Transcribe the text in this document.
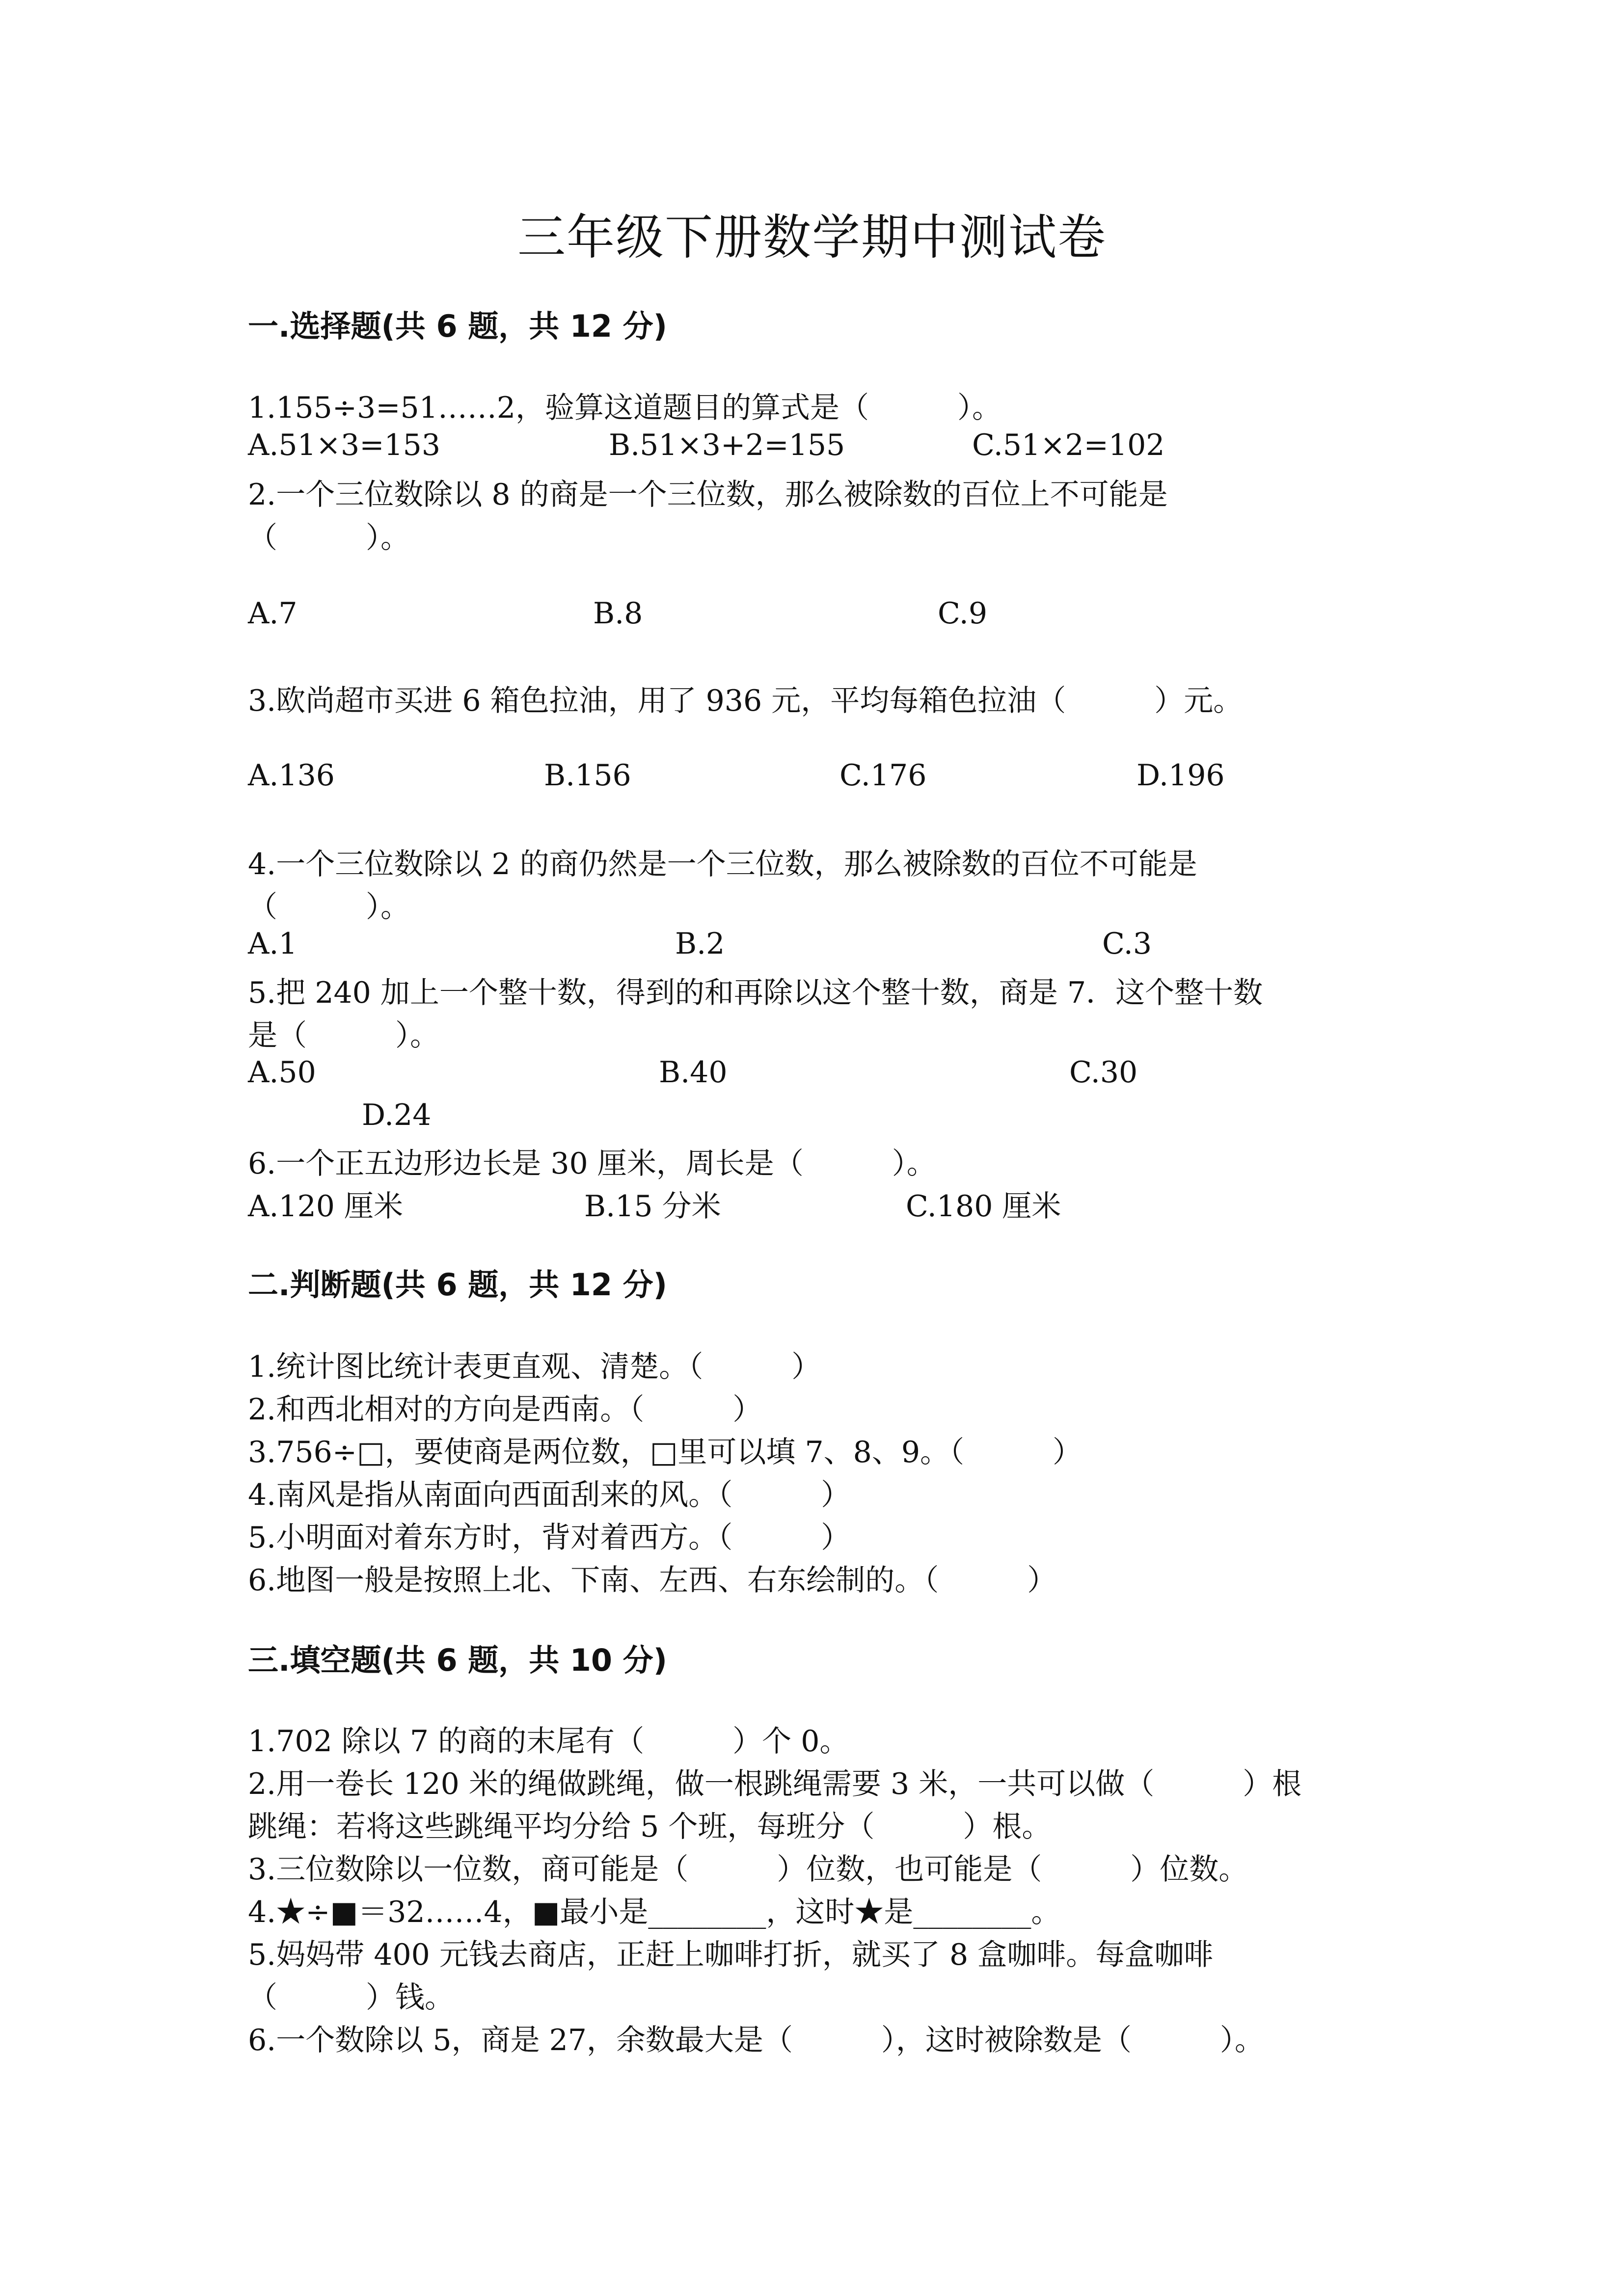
三年级下册数学期中测试卷
一.选择题(共 6 题，共 12 分)
1.155÷3=51……2，验算这道题目的算式是（　　　）。
A.51×3=153	B.51×3+2=155	C.51×2=102
2.一个三位数除以 8 的商是一个三位数，那么被除数的百位上不可能是
（　　　）。
A.7	B.8	C.9
3.欧尚超市买进 6 箱色拉油，用了 936 元，平均每箱色拉油（　　　）元。
A.136	B.156	C.176	D.196
4.一个三位数除以 2 的商仍然是一个三位数，那么被除数的百位不可能是
（　　　）。
A.1	B.2	C.3
5.把 240 加上一个整十数，得到的和再除以这个整十数，商是 7．这个整十数
是（　　　）。
A.50	B.40	C.30
D.24
6.一个正五边形边长是 30 厘米，周长是（　　　）。
A.120 厘米	B.15 分米	C.180 厘米
二.判断题(共 6 题，共 12 分)
1.统计图比统计表更直观、清楚。（　　　）
2.和西北相对的方向是西南。（　　　）
3.756÷□，要使商是两位数，□里可以填 7、8、9。（　　　）
4.南风是指从南面向西面刮来的风。（　　　）
5.小明面对着东方时，背对着西方。（　　　）
6.地图一般是按照上北、下南、左西、右东绘制的。（　　　）
三.填空题(共 6 题，共 10 分)
1.702 除以 7 的商的末尾有（　　　）个 0。
2.用一卷长 120 米的绳做跳绳，做一根跳绳需要 3 米，一共可以做（　　　）根
跳绳：若将这些跳绳平均分给 5 个班，每班分（　　　）根。
3.三位数除以一位数，商可能是（　　　）位数，也可能是（　　　）位数。
4.★÷■＝32……4，■最小是________，这时★是________。
5.妈妈带 400 元钱去商店，正赶上咖啡打折，就买了 8 盒咖啡。每盒咖啡
（　　　）钱。
6.一个数除以 5，商是 27，余数最大是（　　　），这时被除数是（　　　）。
